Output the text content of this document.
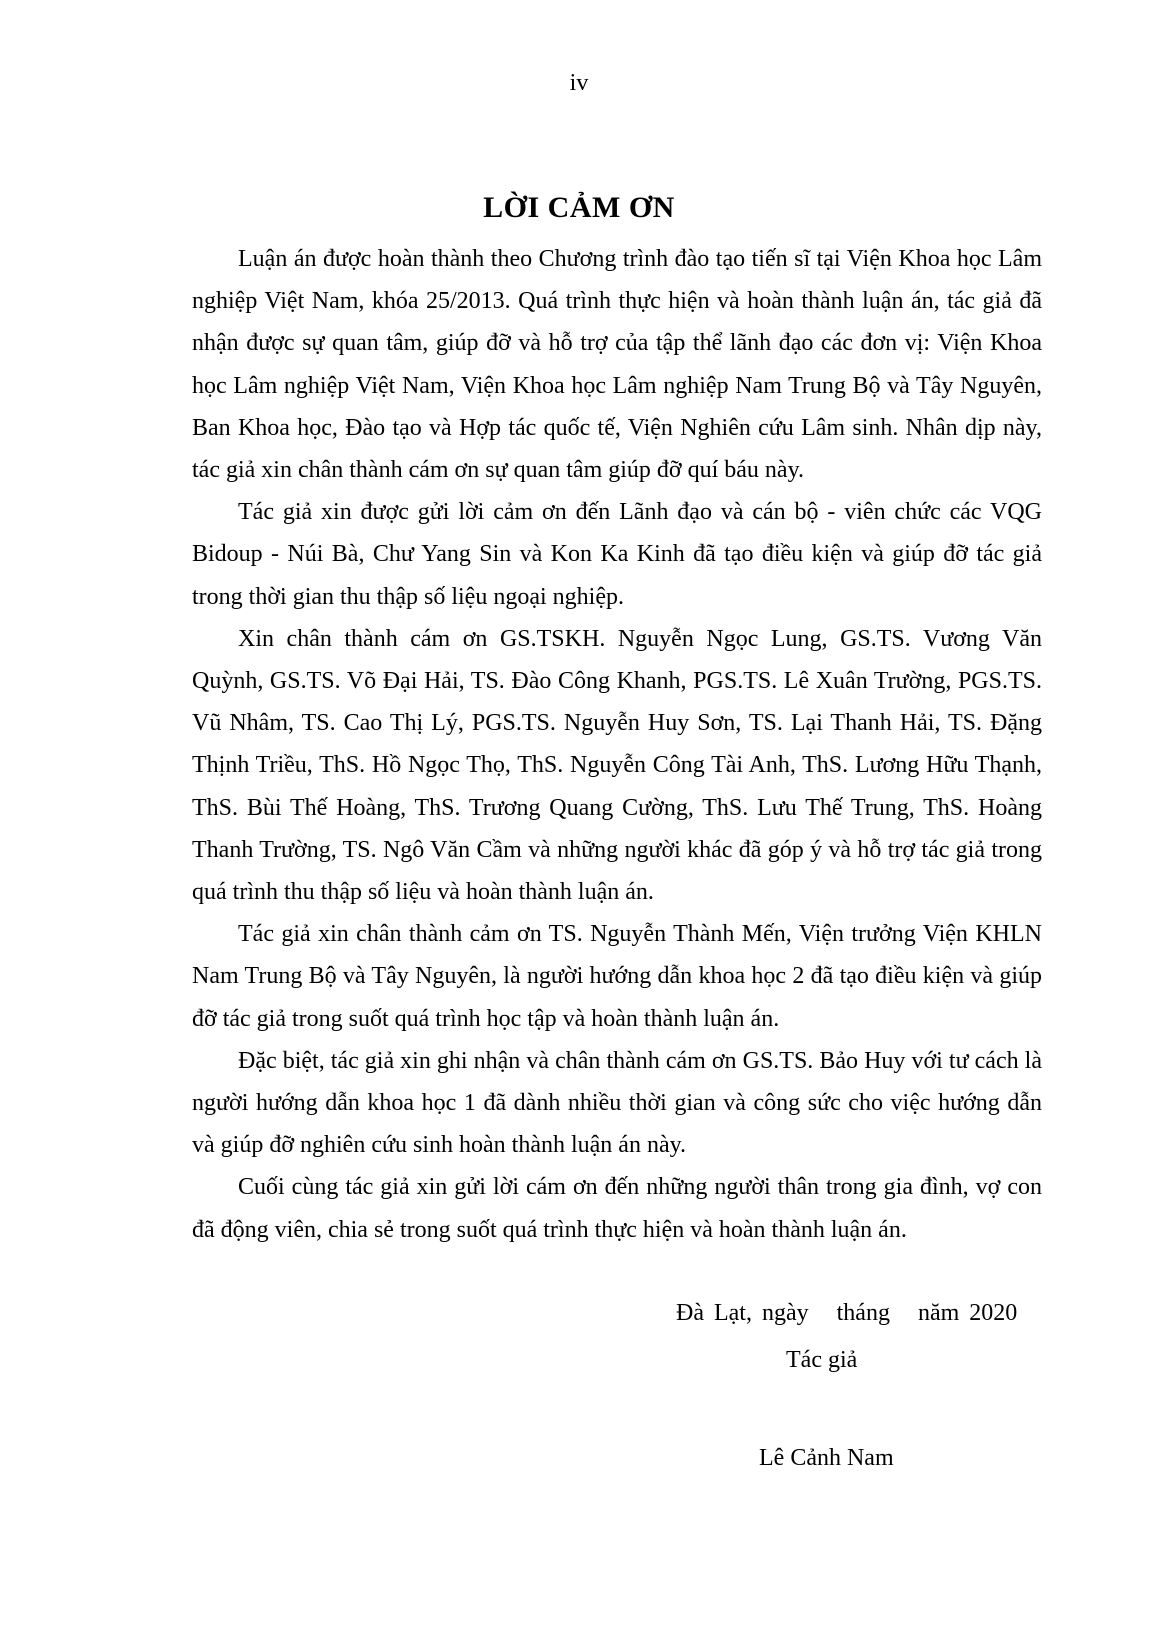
iv
LỜI CẢM ƠN

Luận án được hoàn thành theo Chương trình đào tạo tiến sĩ tại Viện Khoa học Lâm nghiệp Việt Nam, khóa 25/2013. Quá trình thực hiện và hoàn thành luận án, tác giả đã nhận được sự quan tâm, giúp đỡ và hỗ trợ của tập thể lãnh đạo các đơn vị: Viện Khoa học Lâm nghiệp Việt Nam, Viện Khoa học Lâm nghiệp Nam Trung Bộ và Tây Nguyên, Ban Khoa học, Đào tạo và Hợp tác quốc tế, Viện Nghiên cứu Lâm sinh. Nhân dịp này, tác giả xin chân thành cám ơn sự quan tâm giúp đỡ quí báu này.

Tác giả xin được gửi lời cảm ơn đến Lãnh đạo và cán bộ - viên chức các VQG Bidoup - Núi Bà, Chư Yang Sin và Kon Ka Kinh đã tạo điều kiện và giúp đỡ tác giả trong thời gian thu thập số liệu ngoại nghiệp.

Xin chân thành cám ơn GS.TSKH. Nguyễn Ngọc Lung, GS.TS. Vương Văn Quỳnh, GS.TS. Võ Đại Hải, TS. Đào Công Khanh, PGS.TS. Lê Xuân Trường, PGS.TS. Vũ Nhâm, TS. Cao Thị Lý, PGS.TS. Nguyễn Huy Sơn, TS. Lại Thanh Hải, TS. Đặng Thịnh Triều, ThS. Hồ Ngọc Thọ, ThS. Nguyễn Công Tài Anh, ThS. Lương Hữu Thạnh, ThS. Bùi Thế Hoàng, ThS. Trương Quang Cường, ThS. Lưu Thế Trung, ThS. Hoàng Thanh Trường, TS. Ngô Văn Cầm và những người khác đã góp ý và hỗ trợ tác giả trong quá trình thu thập số liệu và hoàn thành luận án.

Tác giả xin chân thành cảm ơn TS. Nguyễn Thành Mến, Viện trưởng Viện KHLN Nam Trung Bộ và Tây Nguyên, là người hướng dẫn khoa học 2 đã tạo điều kiện và giúp đỡ tác giả trong suốt quá trình học tập và hoàn thành luận án.

Đặc biệt, tác giả xin ghi nhận và chân thành cám ơn GS.TS. Bảo Huy với tư cách là người hướng dẫn khoa học 1 đã dành nhiều thời gian và công sức cho việc hướng dẫn và giúp đỡ nghiên cứu sinh hoàn thành luận án này.

Cuối cùng tác giả xin gửi lời cám ơn đến những người thân trong gia đình, vợ con đã động viên, chia sẻ trong suốt quá trình thực hiện và hoàn thành luận án.

Đà Lạt, ngày tháng năm 2020
Tác giả
Lê Cảnh Nam
